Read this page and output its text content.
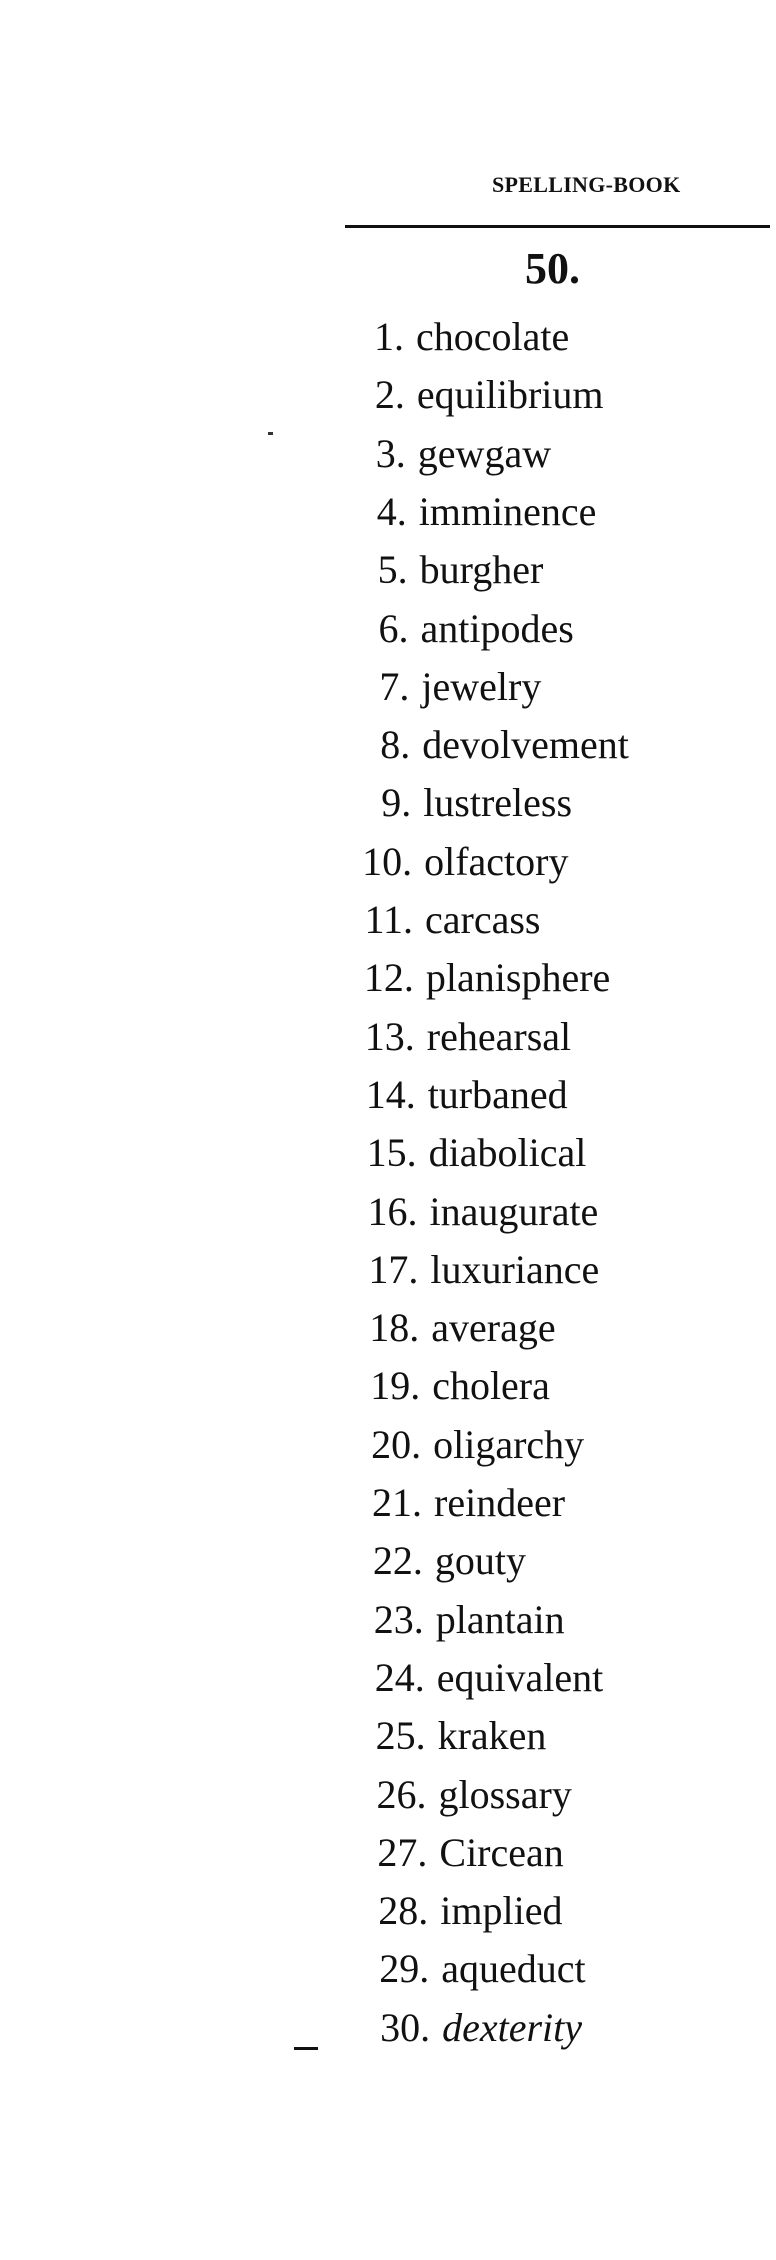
SPELLING-BOOK
50.
1. chocolate
2. equilibrium
3. gewgaw
4. imminence
5. burgher
6. antipodes
7. jewelry
8. devolvement
9. lustreless
10. olfactory
11. carcass
12. planisphere
13. rehearsal
14. turbaned
15. diabolical
16. inaugurate
17. luxuriance
18. average
19. cholera
20. oligarchy
21. reindeer
22. gouty
23. plantain
24. equivalent
25. kraken
26. glossary
27. Circean
28. implied
29. aqueduct
30. dexterity
